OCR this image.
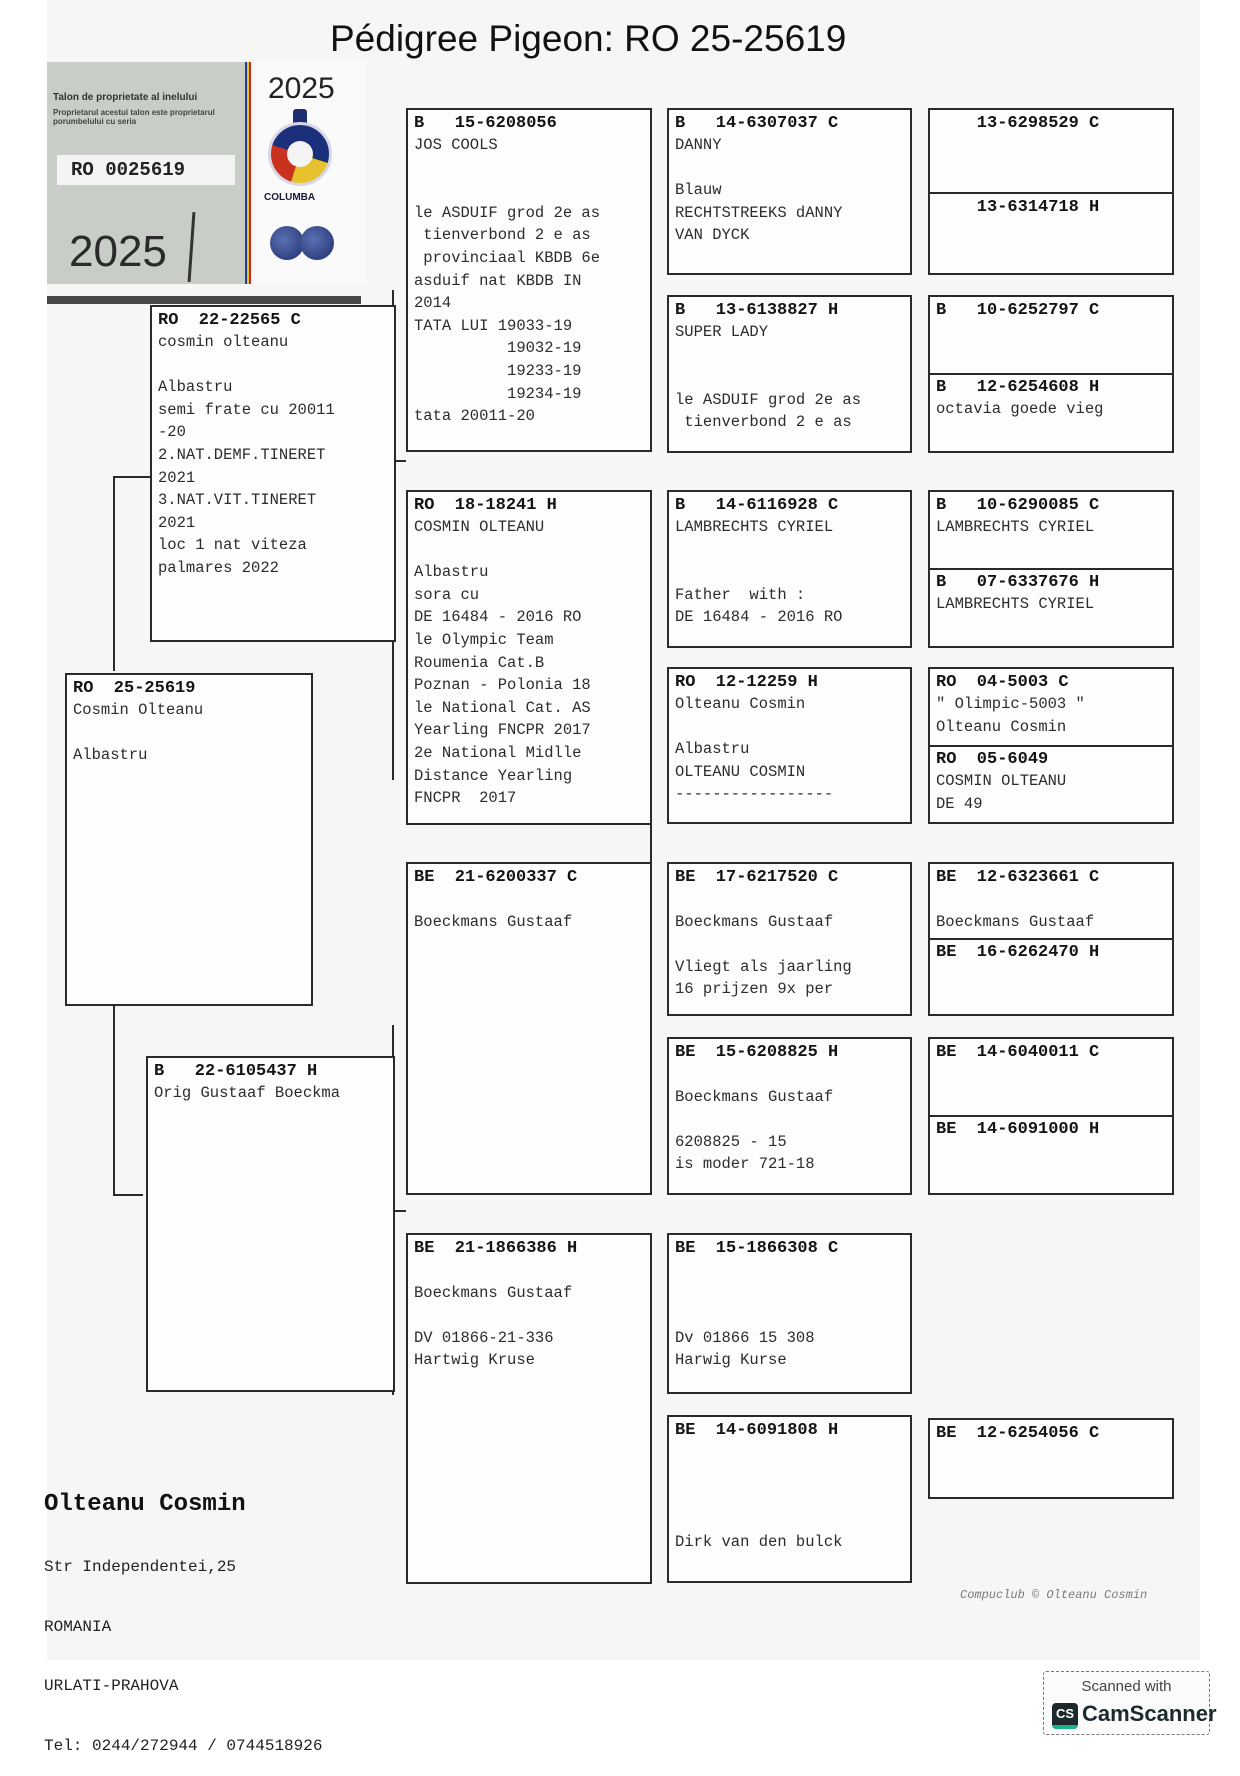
Pédigree Pigeon: RO 25-25619
Talon de proprietate al inelului
Proprietarul acestui talon este proprietarul porumbelului cu seria
RO 0025619
2025
2025
COLUMBA
RO  25-25619
Cosmin Olteanu

Albastru
RO  22-22565 C
cosmin olteanu

Albastru
semi frate cu 20011
-20
2.NAT.DEMF.TINERET
2021
3.NAT.VIT.TINERET
2021
loc 1 nat viteza
palmares 2022
B   22-6105437 H
Orig Gustaaf Boeckma
B   15-6208056
JOS COOLS

le ASDUIF grod 2e as
tienverbond 2 e as
provinciaal KBDB 6e
asduif nat KBDB IN
2014
TATA LUI 19033-19
19032-19
19233-19
19234-19
tata 20011-20
RO  18-18241 H
COSMIN OLTEANU

Albastru
sora cu
DE 16484 - 2016 RO
le Olympic Team
Roumenia Cat.B
Poznan - Polonia 18
le National Cat. AS
Yearling FNCPR 2017
2e National Midlle
Distance Yearling
FNCPR  2017
BE  21-6200337 C

Boeckmans Gustaaf
BE  21-1866386 H

Boeckmans Gustaaf

DV 01866-21-336
Hartwig Kruse
B   14-6307037 C
DANNY

Blauw
RECHTSTREEKS dANNY
VAN DYCK
B   13-6138827 H
SUPER LADY

le ASDUIF grod 2e as
tienverbond 2 e as
B   14-6116928 C
LAMBRECHTS CYRIEL

Father  with :
DE 16484 - 2016 RO
RO  12-12259 H
Olteanu Cosmin

Albastru
OLTEANU COSMIN
-----------------
BE  17-6217520 C

Boeckmans Gustaaf

Vliegt als jaarling
16 prijzen 9x per
BE  15-6208825 H

Boeckmans Gustaaf

6208825 - 15
is moder 721-18
BE  15-1866308 C

Dv 01866 15 308
Harwig Kurse
BE  14-6091808 H

Dirk van den bulck
13-6298529 C
13-6314718 H
B   10-6252797 C
B   12-6254608 H
octavia goede vieg
B   10-6290085 C
LAMBRECHTS CYRIEL
B   07-6337676 H
LAMBRECHTS CYRIEL
RO  04-5003 C
" Olimpic-5003 "
Olteanu Cosmin
RO  05-6049
COSMIN OLTEANU
DE 49
BE  12-6323661 C

Boeckmans Gustaaf
BE  16-6262470 H
BE  14-6040011 C
BE  14-6091000 H
BE  12-6254056 C

Olteanu Cosmin

Str Independentei,25

ROMANIA

URLATI-PRAHOVA

Tel: 0244/272944 / 0744518926

Compuclub © Olteanu Cosmin
Scanned with
CS CamScanner
